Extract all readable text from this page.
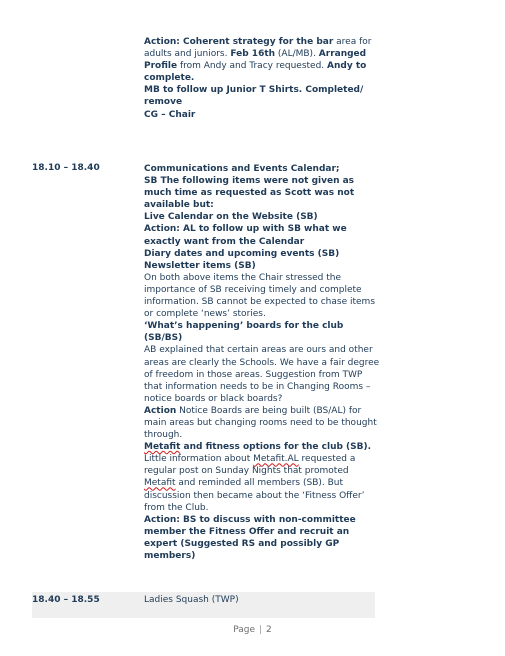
Action: Coherent strategy for the bar area for adults and juniors. Feb 16th (AL/MB). Arranged Profile from Andy and Tracy requested. Andy to complete.

MB to follow up Junior T Shirts. Completed/ remove

CG – Chair

18.10 – 18.40	Communications and Events Calendar;

SB The following items were not given as much time as requested as Scott was not available but:

Live Calendar on the Website (SB)

Action: AL to follow up with SB what we exactly want from the Calendar

Diary dates and upcoming events (SB)

Newsletter items (SB)

On both above items the Chair stressed the importance of SB receiving timely and complete information. SB cannot be expected to chase items or complete ‘news’ stories.

‘What’s happening’ boards for the club (SB/BS)

AB explained that certain areas are ours and other areas are clearly the Schools. We have a fair degree of freedom in those areas. Suggestion from TWP that information needs to be in Changing Rooms – notice boards or black boards?

Action Notice Boards are being built (BS/AL) for main areas but changing rooms need to be thought through.

Metafit and fitness options for the club (SB).

Little information about Metafit.AL requested a regular post on Sunday Nights that promoted Metafit and reminded all members (SB). But discussion then became about the ‘Fitness Offer’ from the Club.

Action: BS to discuss with non-committee member the Fitness Offer and recruit an expert (Suggested RS and possibly GP members)

18.40 – 18.55	Ladies Squash (TWP)
Page | 2
